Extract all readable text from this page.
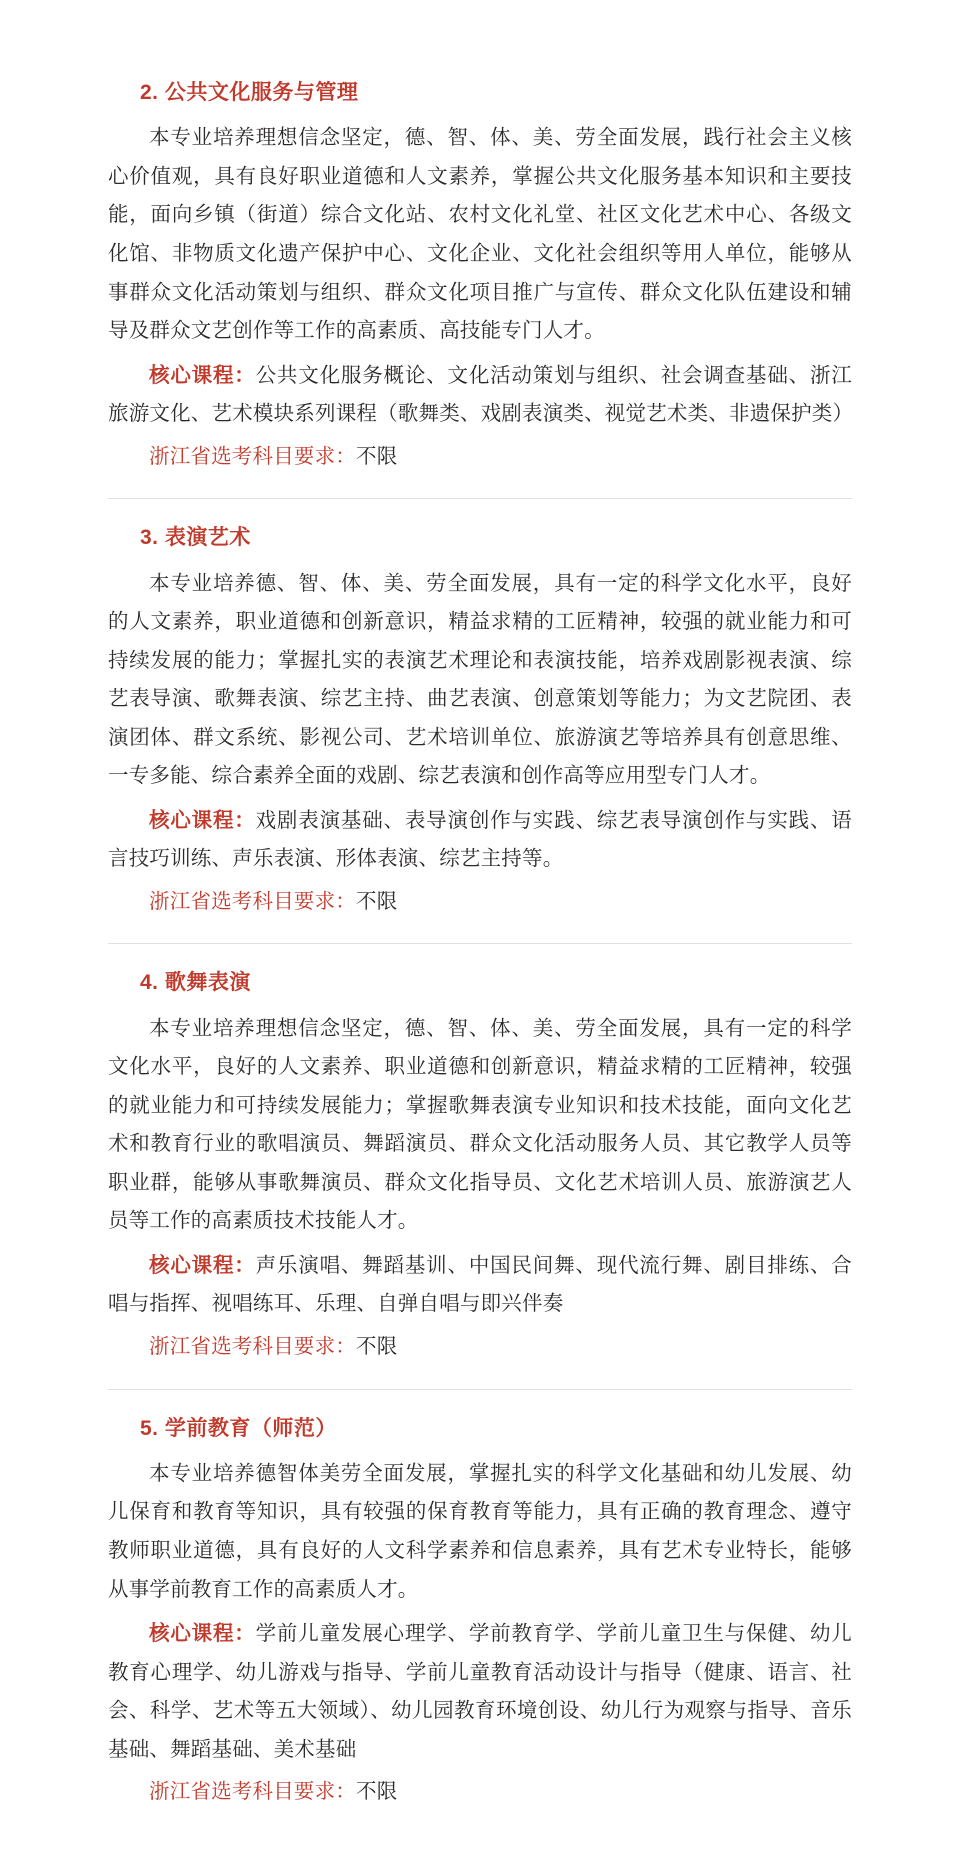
2. 公共文化服务与管理

本专业培养理想信念坚定，德、智、体、美、劳全面发展，践行社会主义核心价值观，具有良好职业道德和人文素养，掌握公共文化服务基本知识和主要技能，面向乡镇（街道）综合文化站、农村文化礼堂、社区文化艺术中心、各级文化馆、非物质文化遗产保护中心、文化企业、文化社会组织等用人单位，能够从事群众文化活动策划与组织、群众文化项目推广与宣传、群众文化队伍建设和辅导及群众文艺创作等工作的高素质、高技能专门人才。

核心课程：公共文化服务概论、文化活动策划与组织、社会调查基础、浙江旅游文化、艺术模块系列课程（歌舞类、戏剧表演类、视觉艺术类、非遗保护类）

浙江省选考科目要求：不限

3. 表演艺术

本专业培养德、智、体、美、劳全面发展，具有一定的科学文化水平，良好的人文素养，职业道德和创新意识，精益求精的工匠精神，较强的就业能力和可持续发展的能力；掌握扎实的表演艺术理论和表演技能，培养戏剧影视表演、综艺表导演、歌舞表演、综艺主持、曲艺表演、创意策划等能力；为文艺院团、表演团体、群文系统、影视公司、艺术培训单位、旅游演艺等培养具有创意思维、一专多能、综合素养全面的戏剧、综艺表演和创作高等应用型专门人才。

核心课程：戏剧表演基础、表导演创作与实践、综艺表导演创作与实践、语言技巧训练、声乐表演、形体表演、综艺主持等。

浙江省选考科目要求：不限

4. 歌舞表演

本专业培养理想信念坚定，德、智、体、美、劳全面发展，具有一定的科学文化水平，良好的人文素养、职业道德和创新意识，精益求精的工匠精神，较强的就业能力和可持续发展能力；掌握歌舞表演专业知识和技术技能，面向文化艺术和教育行业的歌唱演员、舞蹈演员、群众文化活动服务人员、其它教学人员等职业群，能够从事歌舞演员、群众文化指导员、文化艺术培训人员、旅游演艺人员等工作的高素质技术技能人才。

核心课程：声乐演唱、舞蹈基训、中国民间舞、现代流行舞、剧目排练、合唱与指挥、视唱练耳、乐理、自弹自唱与即兴伴奏

浙江省选考科目要求：不限

5. 学前教育（师范）

本专业培养德智体美劳全面发展，掌握扎实的科学文化基础和幼儿发展、幼儿保育和教育等知识，具有较强的保育教育等能力，具有正确的教育理念、遵守教师职业道德，具有良好的人文科学素养和信息素养，具有艺术专业特长，能够从事学前教育工作的高素质人才。

核心课程：学前儿童发展心理学、学前教育学、学前儿童卫生与保健、幼儿教育心理学、幼儿游戏与指导、学前儿童教育活动设计与指导（健康、语言、社会、科学、艺术等五大领域）、幼儿园教育环境创设、幼儿行为观察与指导、音乐基础、舞蹈基础、美术基础

浙江省选考科目要求：不限
